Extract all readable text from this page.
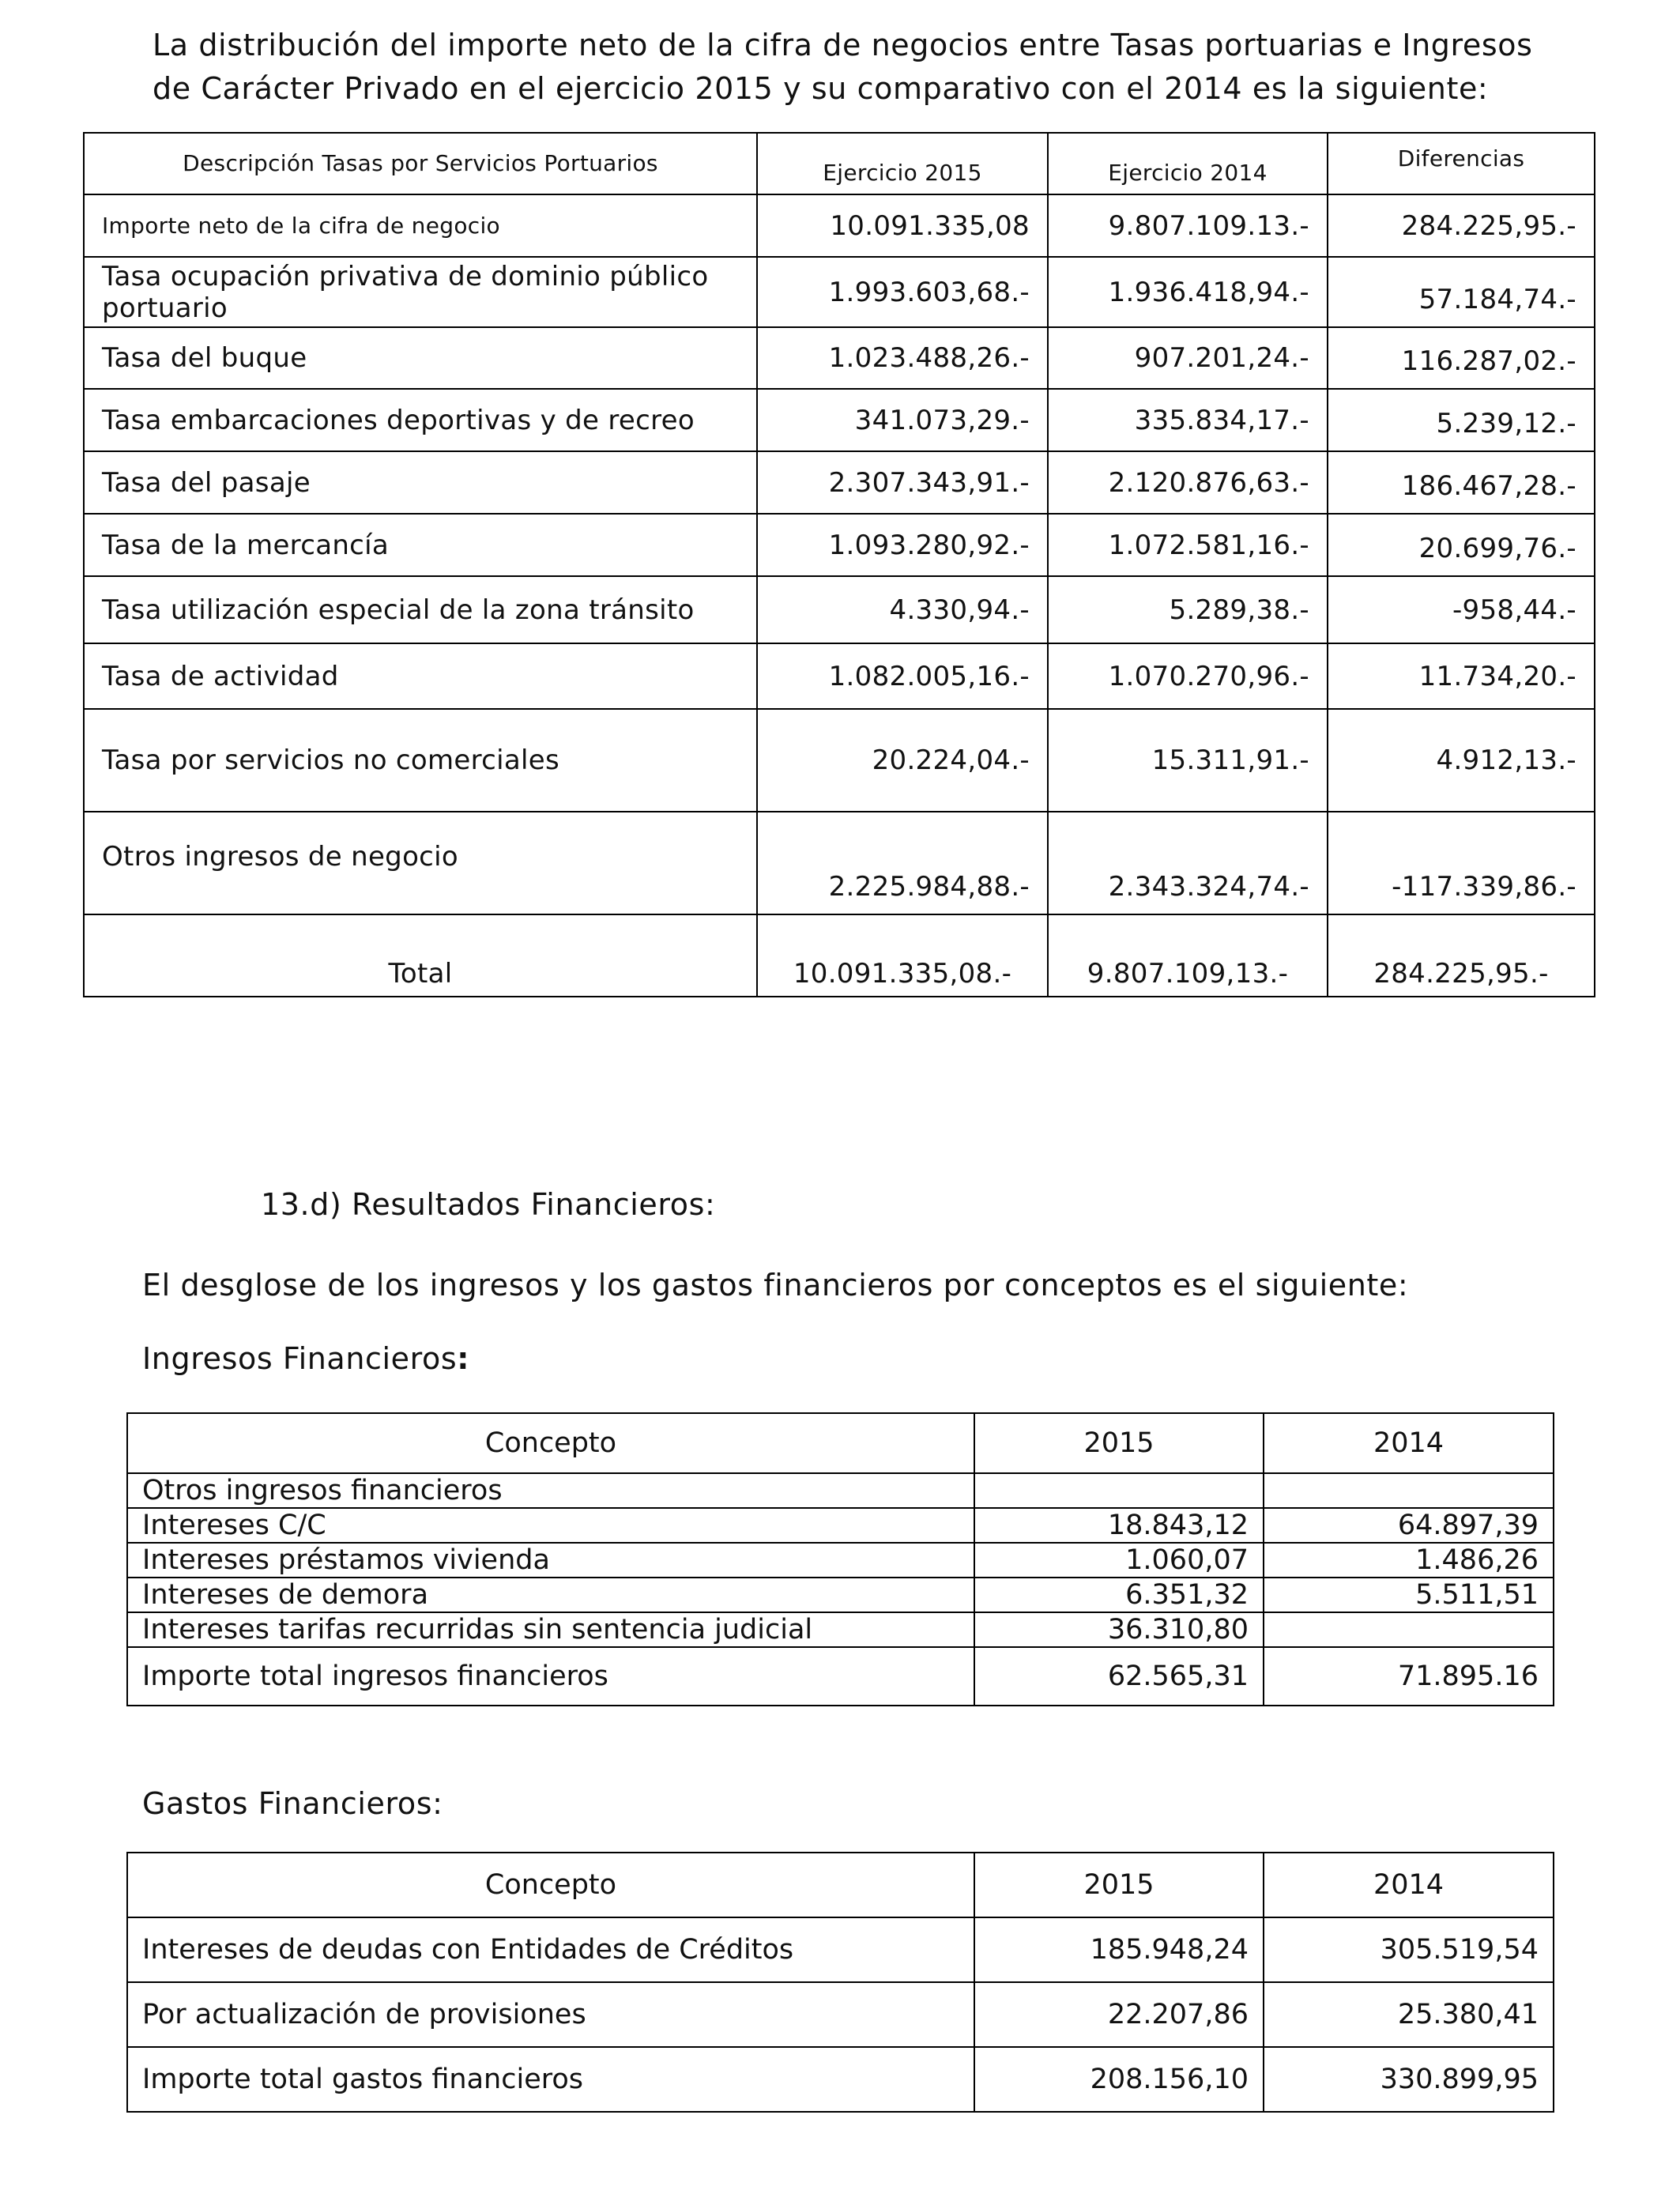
La distribución del importe neto de la cifra de negocios entre Tasas portuarias e Ingresos
de Carácter Privado en el ejercicio 2015 y su comparativo con el 2014 es la siguiente:
Descripción Tasas por Servicios Portuarios	Ejercicio 2015	Ejercicio 2014	Diferencias
Importe neto de la cifra de negocio	10.091.335,08	9.807.109.13.-	284.225,95.-
Tasa ocupación privativa de dominio público portuario	1.993.603,68.-	1.936.418,94.-	57.184,74.-
Tasa del buque	1.023.488,26.-	907.201,24.-	116.287,02.-
Tasa embarcaciones deportivas y de recreo	341.073,29.-	335.834,17.-	5.239,12.-
Tasa del pasaje	2.307.343,91.-	2.120.876,63.-	186.467,28.-
Tasa de la mercancía	1.093.280,92.-	1.072.581,16.-	20.699,76.-
Tasa utilización especial de la zona tránsito	4.330,94.-	5.289,38.-	-958,44.-
Tasa de actividad	1.082.005,16.-	1.070.270,96.-	11.734,20.-
Tasa por servicios no comerciales	20.224,04.-	15.311,91.-	4.912,13.-
Otros ingresos de negocio	2.225.984,88.-	2.343.324,74.-	-117.339,86.-
Total	10.091.335,08.-	9.807.109,13.-	284.225,95.-
13.d) Resultados Financieros:
El desglose de los ingresos y los gastos financieros por conceptos es el siguiente:
Ingresos Financieros:
Concepto	2015	2014
Otros ingresos financieros		
Intereses C/C	18.843,12	64.897,39
Intereses préstamos vivienda	1.060,07	1.486,26
Intereses de demora	6.351,32	5.511,51
Intereses tarifas recurridas sin sentencia judicial	36.310,80	
Importe total ingresos financieros	62.565,31	71.895.16
Gastos Financieros:
Concepto	2015	2014
Intereses de deudas con Entidades de Créditos	185.948,24	305.519,54
Por actualización de provisiones	22.207,86	25.380,41
Importe total gastos financieros	208.156,10	330.899,95
